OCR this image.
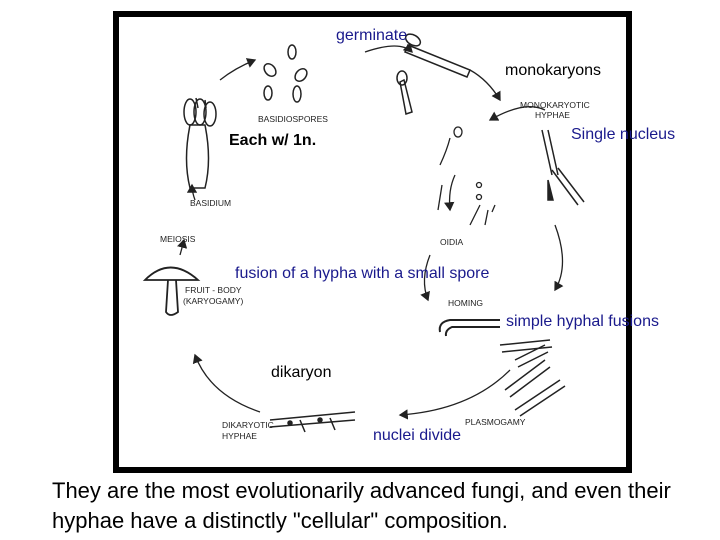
BASIDIOSPORES
BASIDIUM
MEIOSIS
FRUIT - BODY
(KARYOGAMY)
MONOKARYOTIC
HYPHAE
OIDIA
HOMING
PLASMOGAMY
DIKARYOTIC
HYPHAE
germinate
monokaryons
Single nucleus
Each w/ 1n.
fusion of a hypha with a small spore
simple hyphal fusions
dikaryon
nuclei divide
They are the most evolutionarily advanced fungi, and even their hyphae have a distinctly "cellular" composition.
